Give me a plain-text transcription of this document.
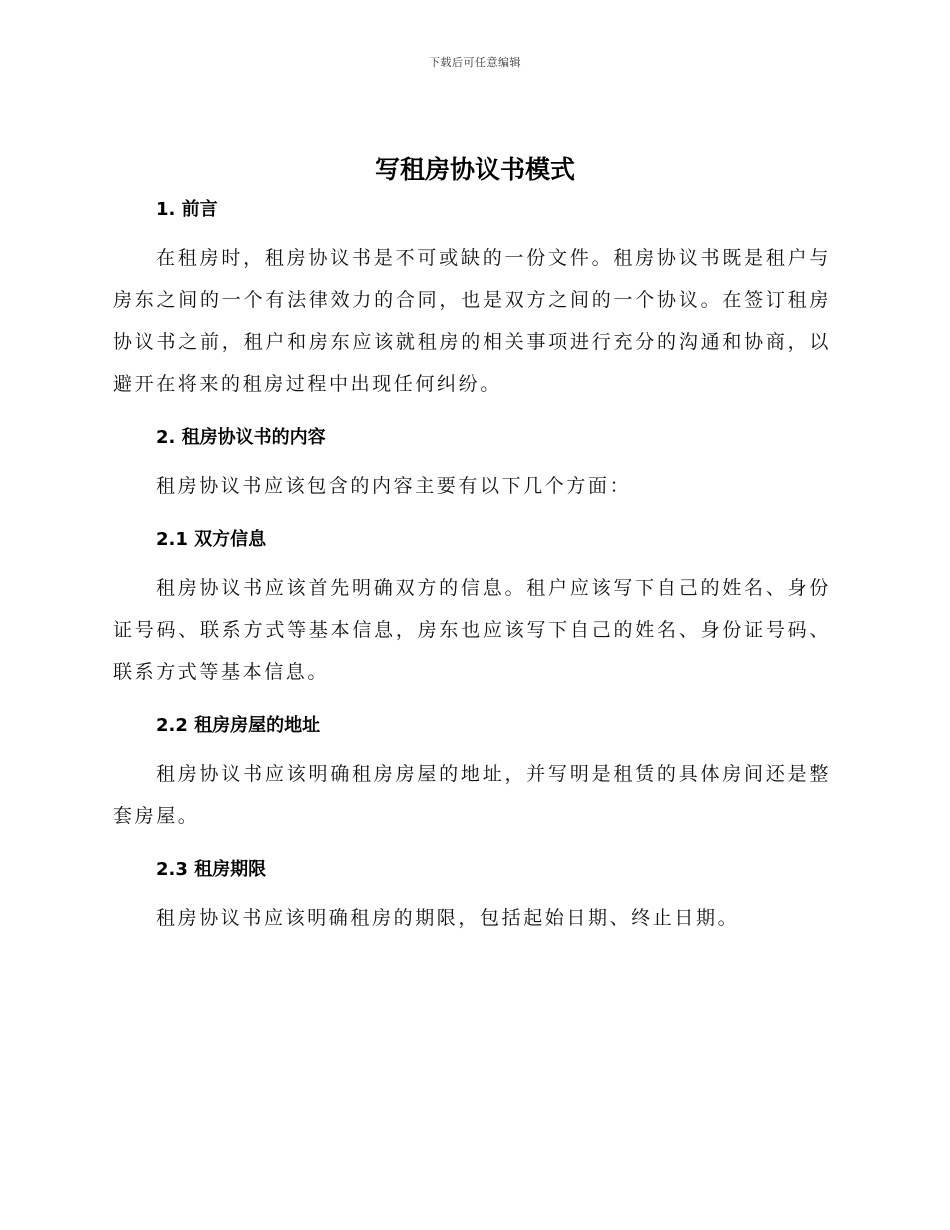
下载后可任意编辑
写租房协议书模式
1. 前言

在租房时，租房协议书是不可或缺的一份文件。租房协议书既是租户与房东之间的一个有法律效力的合同，也是双方之间的一个协议。在签订租房协议书之前，租户和房东应该就租房的相关事项进行充分的沟通和协商，以避开在将来的租房过程中出现任何纠纷。

2. 租房协议书的内容

租房协议书应该包含的内容主要有以下几个方面：

2.1 双方信息

租房协议书应该首先明确双方的信息。租户应该写下自己的姓名、身份证号码、联系方式等基本信息，房东也应该写下自己的姓名、身份证号码、联系方式等基本信息。

2.2 租房房屋的地址

租房协议书应该明确租房房屋的地址，并写明是租赁的具体房间还是整套房屋。

2.3 租房期限

租房协议书应该明确租房的期限，包括起始日期、终止日期。
